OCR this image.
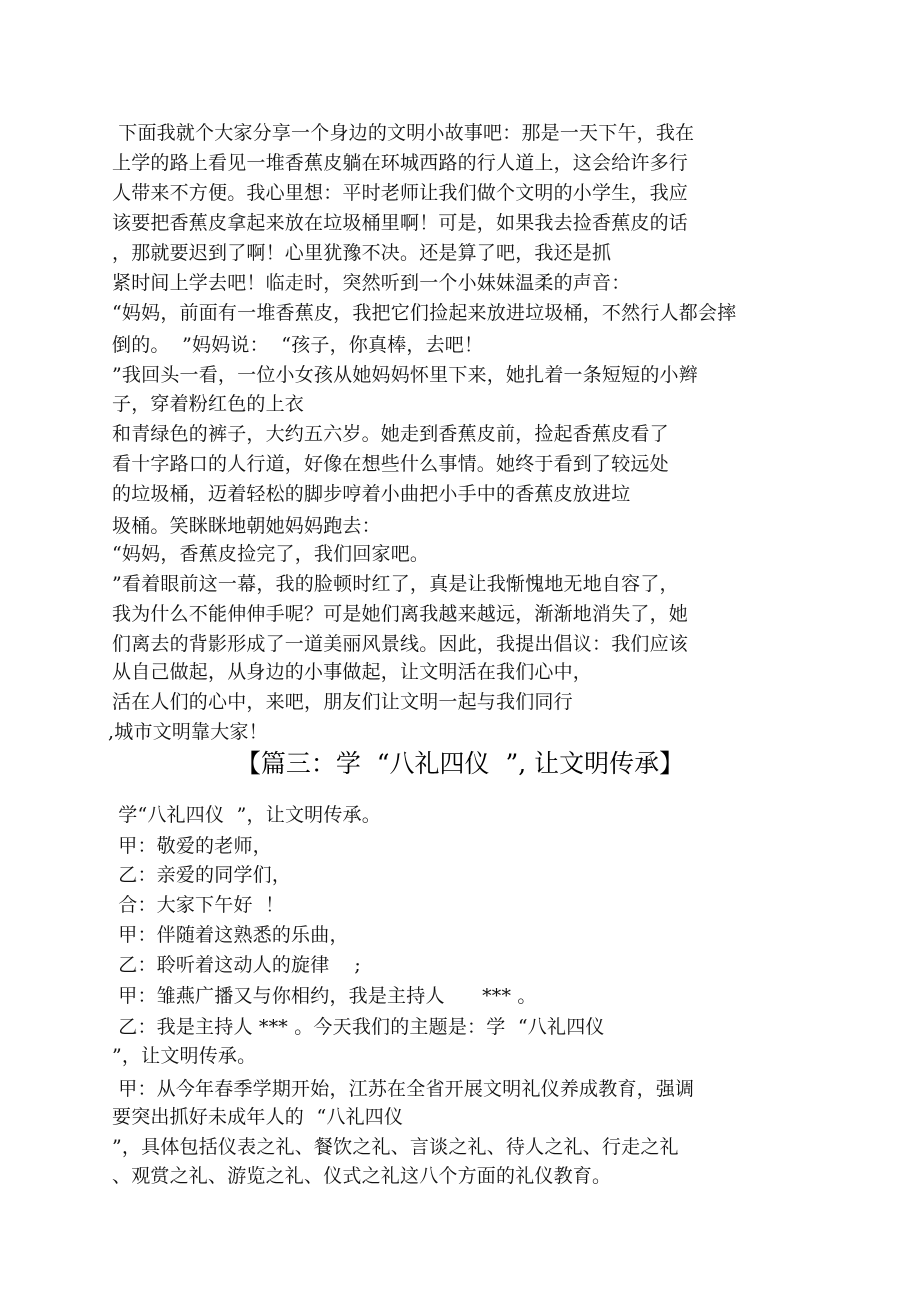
下面我就个大家分享一个身边的文明小故事吧：那是一天下午，我在
上学的路上看见一堆香蕉皮躺在环城西路的行人道上，这会给许多行
人带来不方便。我心里想：平时老师让我们做个文明的小学生，我应
该要把香蕉皮拿起来放在垃圾桶里啊！可是，如果我去捡香蕉皮的话
，那就要迟到了啊！心里犹豫不决。还是算了吧，我还是抓
紧时间上学去吧！临走时，突然听到一个小妹妹温柔的声音：
“妈妈，前面有一堆香蕉皮，我把它们捡起来放进垃圾桶，不然行人都会摔
倒的。  ”妈妈说：  “孩子，你真棒，去吧！
”我回头一看，一位小女孩从她妈妈怀里下来，她扎着一条短短的小辫
子，穿着粉红色的上衣
和青绿色的裤子，大约五六岁。她走到香蕉皮前，捡起香蕉皮看了
看十字路口的人行道，好像在想些什么事情。她终于看到了较远处
的垃圾桶，迈着轻松的脚步哼着小曲把小手中的香蕉皮放进垃
圾桶。笑眯眯地朝她妈妈跑去：
“妈妈，香蕉皮捡完了，我们回家吧。
”看着眼前这一幕，我的脸顿时红了，真是让我惭愧地无地自容了，
我为什么不能伸伸手呢？可是她们离我越来越远，渐渐地消失了，她
们离去的背影形成了一道美丽风景线。因此，我提出倡议：我们应该
从自己做起，从身边的小事做起，让文明活在我们心中，
活在人们的心中，来吧，朋友们让文明一起与我们同行
,城市文明靠大家！
【篇三：学  “八礼四仪  ”, 让文明传承】
学“八礼四仪  ”，让文明传承。
甲：敬爱的老师，
乙：亲爱的同学们，
合：大家下午好  ！
甲：伴随着这熟悉的乐曲，
乙：聆听着这动人的旋律    ;
甲：雏燕广播又与你相约，我是主持人      *** 。
乙：我是主持人 *** 。今天我们的主题是：学  “八礼四仪
”，让文明传承。
甲：从今年春季学期开始，江苏在全省开展文明礼仪养成教育，强调
要突出抓好未成年人的  “八礼四仪
”，具体包括仪表之礼、餐饮之礼、言谈之礼、待人之礼、行走之礼
、观赏之礼、游览之礼、仪式之礼这八个方面的礼仪教育。
